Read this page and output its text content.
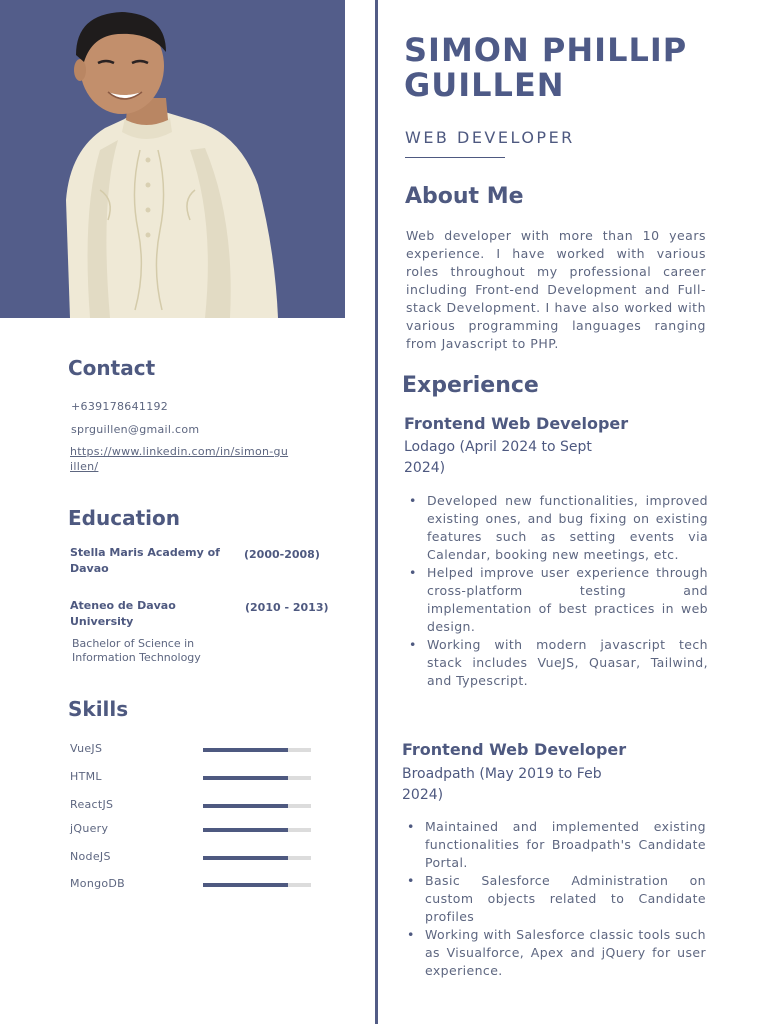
SIMON PHILLIP GUILLEN
WEB DEVELOPER
About Me

Web developer with more than 10 years experience. I have worked with various roles throughout my professional career including Front-end Development and Full-stack Development. I have also worked with various programming languages ranging from Javascript to PHP.

Contact
+639178641192
sprguillen@gmail.com
https://www.linkedin.com/in/simon-guillen/
Education
Stella Maris Academy of Davao
(2000-2008)
Ateneo de Davao University
(2010 - 2013)
Bachelor of Science in Information Technology
Skills
VueJS
HTML
ReactJS
jQuery
NodeJS
MongoDB
Experience
Frontend Web Developer
Lodago (April 2024 to Sept 2024)
• Developed new functionalities, improved existing ones, and bug fixing on existing features such as setting events via Calendar, booking new meetings, etc.
• Helped improve user experience through cross-platform testing and implementation of best practices in web design.
• Working with modern javascript tech stack includes VueJS, Quasar, Tailwind, and Typescript.
Frontend Web Developer
Broadpath (May 2019 to Feb 2024)
• Maintained and implemented existing functionalities for Broadpath's Candidate Portal.
• Basic Salesforce Administration on custom objects related to Candidate profiles
• Working with Salesforce classic tools such as Visualforce, Apex and jQuery for user experience.
